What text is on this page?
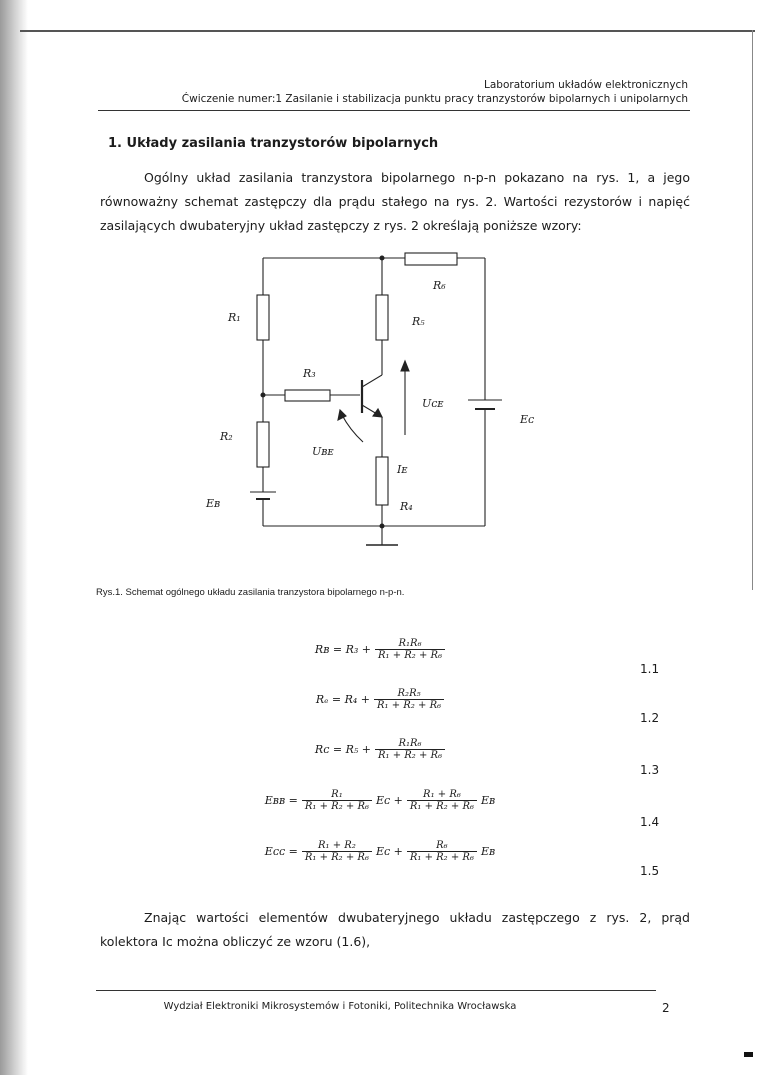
Laboratorium układów elektronicznych
Ćwiczenie numer:1 Zasilanie i stabilizacja punktu pracy tranzystorów bipolarnych i unipolarnych
1. Układy zasilania tranzystorów bipolarnych
Ogólny układ zasilania tranzystora bipolarnego n-p-n pokazano na rys. 1, a jego równoważny schemat zastępczy dla prądu stałego na rys. 2. Wartości rezystorów i napięć zasilających dwubateryjny układ zastępczy z rys. 2 określają poniższe wzory:
R₁
R₂
R₃
R₄
R₅
R₆
Uᴄᴇ
Uʙᴇ
Iᴇ
Eʙ
Eᴄ
Rys.1. Schemat ogólnego układu zasilania tranzystora bipolarnego n-p-n.
Rʙ = $R_3 + \frac{\text{R₁R₆}}{\text{R₁ + R₂ + R₆}}$
1.1
$R_e = R_4 + \frac{\text{R₂R₅}}{\text{R₁ + R₂ + R₆}}$
1.2
Rᴄ = $R_5 + \frac{\text{R₁R₆}}{\text{R₁ + R₂ + R₆}}$
1.3
Eʙʙ = $\frac{\text{R₁}}{\text{R₁ + R₂ + R₆}}$ Eᴄ + $\frac{\text{R₁ + R₆}}{\text{R₁ + R₂ + R₆}}$ Eʙ
1.4
Eᴄᴄ = $\frac{\text{R₁ + R₂}}{\text{R₁ + R₂ + R₆}}$ Eᴄ + $\frac{\text{R₆}}{\text{R₁ + R₂ + R₆}}$ Eʙ
1.5
Znając wartości elementów dwubateryjnego układu zastępczego z rys. 2, prąd kolektora Iᴄ można obliczyć ze wzoru (1.6),
Wydział Elektroniki Mikrosystemów i Fotoniki, Politechnika Wrocławska	2
